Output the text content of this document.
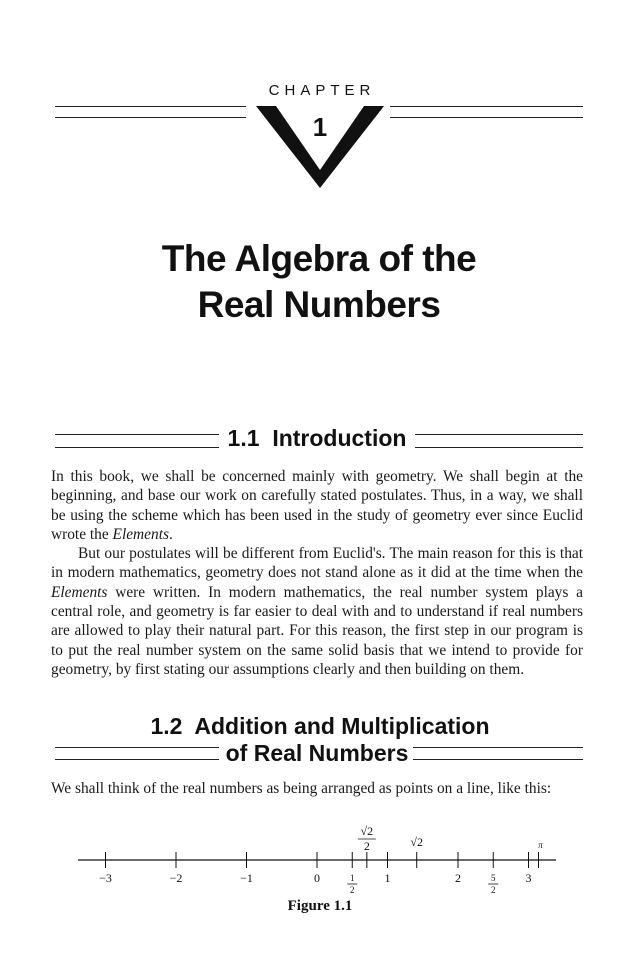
CHAPTER
1
The Algebra of the
Real Numbers
1.1 Introduction

In this book, we shall be concerned mainly with geometry. We shall begin at the beginning, and base our work on carefully stated postulates. Thus, in a way, we shall be using the scheme which has been used in the study of geometry ever since Euclid wrote the Elements.

But our postulates will be different from Euclid's. The main reason for this is that in modern mathematics, geometry does not stand alone as it did at the time when the Elements were written. In modern mathematics, the real number system plays a central role, and geometry is far easier to deal with and to understand if real numbers are allowed to play their natural part. For this reason, the first step in our program is to put the real number system on the same solid basis that we intend to provide for geometry, by first stating our assumptions clearly and then building on them.

1.2 Addition and Multiplication
of Real Numbers

We shall think of the real numbers as being arranged as points on a line, like this:

−3	−2	−1	0	1
2
1	2	5
2
3
√2
2	√2	π
Figure 1.1
